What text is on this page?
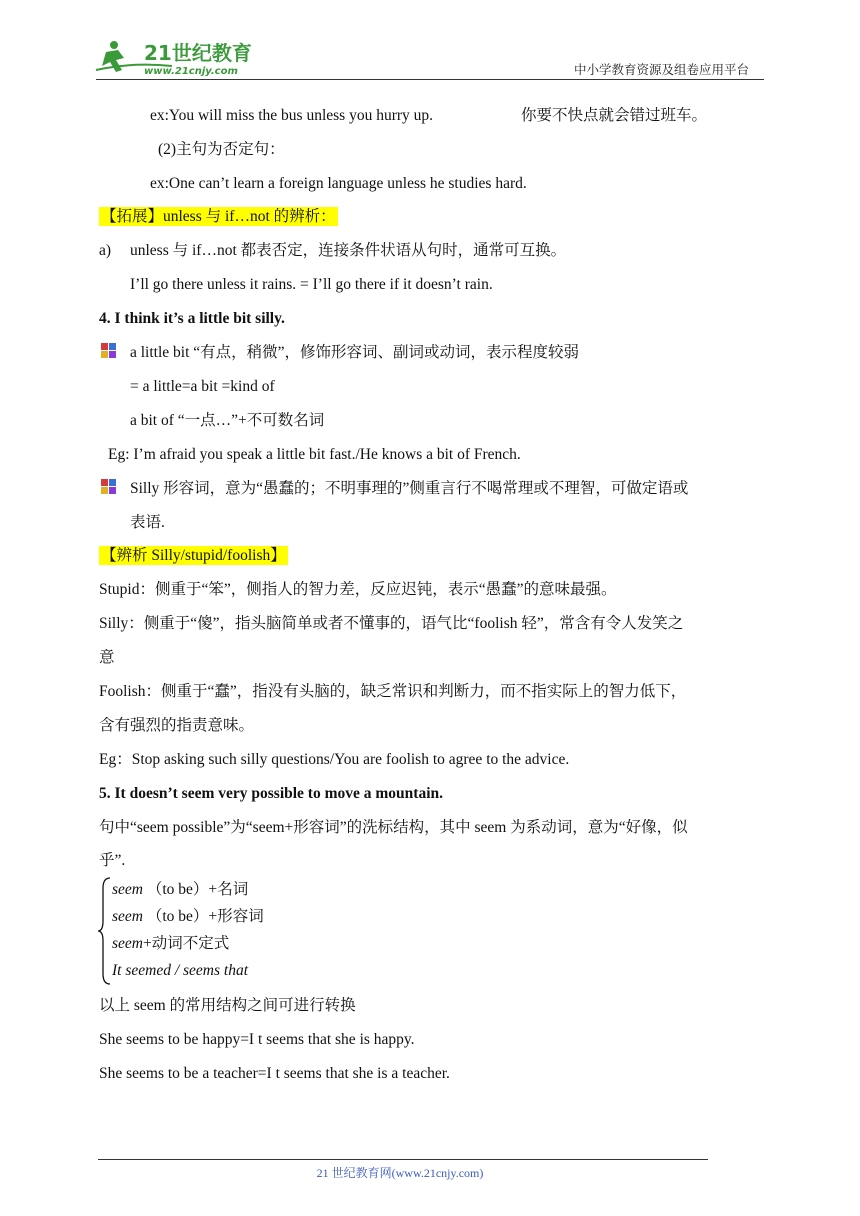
21世纪教育
www.21cnjy.com	中小学教育资源及组卷应用平台
ex:You will miss the bus unless you hurry up.	你要不快点就会错过班车。
(2)主句为否定句：
ex:One can’t learn a foreign language unless he studies hard.
【拓展】unless 与 if…not 的辨析：
a) unless 与 if…not 都表否定，连接条件状语从句时，通常可互换。
I’ll go there unless it rains. = I’ll go there if it doesn’t rain.
4. I think it’s a little bit silly.
a little bit “有点，稍微”，修饰形容词、副词或动词，表示程度较弱
= a little=a bit =kind of
a bit of “一点…”+不可数名词
Eg: I’m afraid you speak a little bit fast./He knows a bit of French.
Silly 形容词，意为“愚蠢的；不明事理的”侧重言行不喝常理或不理智，可做定语或
表语.
【辨析 Silly/stupid/foolish】
Stupid：侧重于“笨”，侧指人的智力差，反应迟钝，表示“愚蠢”的意味最强。
Silly：侧重于“傻”，指头脑简单或者不懂事的，语气比“foolish 轻”，常含有令人发笑之
意
Foolish：侧重于“蠢”，指没有头脑的，缺乏常识和判断力，而不指实际上的智力低下，
含有强烈的指责意味。
Eg：Stop asking such silly questions/You are foolish to agree to the advice.
5. It doesn’t seem very possible to move a mountain.
句中“seem possible”为“seem+形容词”的洗标结构，其中 seem 为系动词，意为“好像，似
乎”.
seem （to be）+名词
seem （to be）+形容词
seem+动词不定式
It seemed / seems that
以上 seem 的常用结构之间可进行转换
She seems to be happy=I t seems that she is happy.
She seems to be a teacher=I t seems that she is a teacher.
21 世纪教育网(www.21cnjy.com)
